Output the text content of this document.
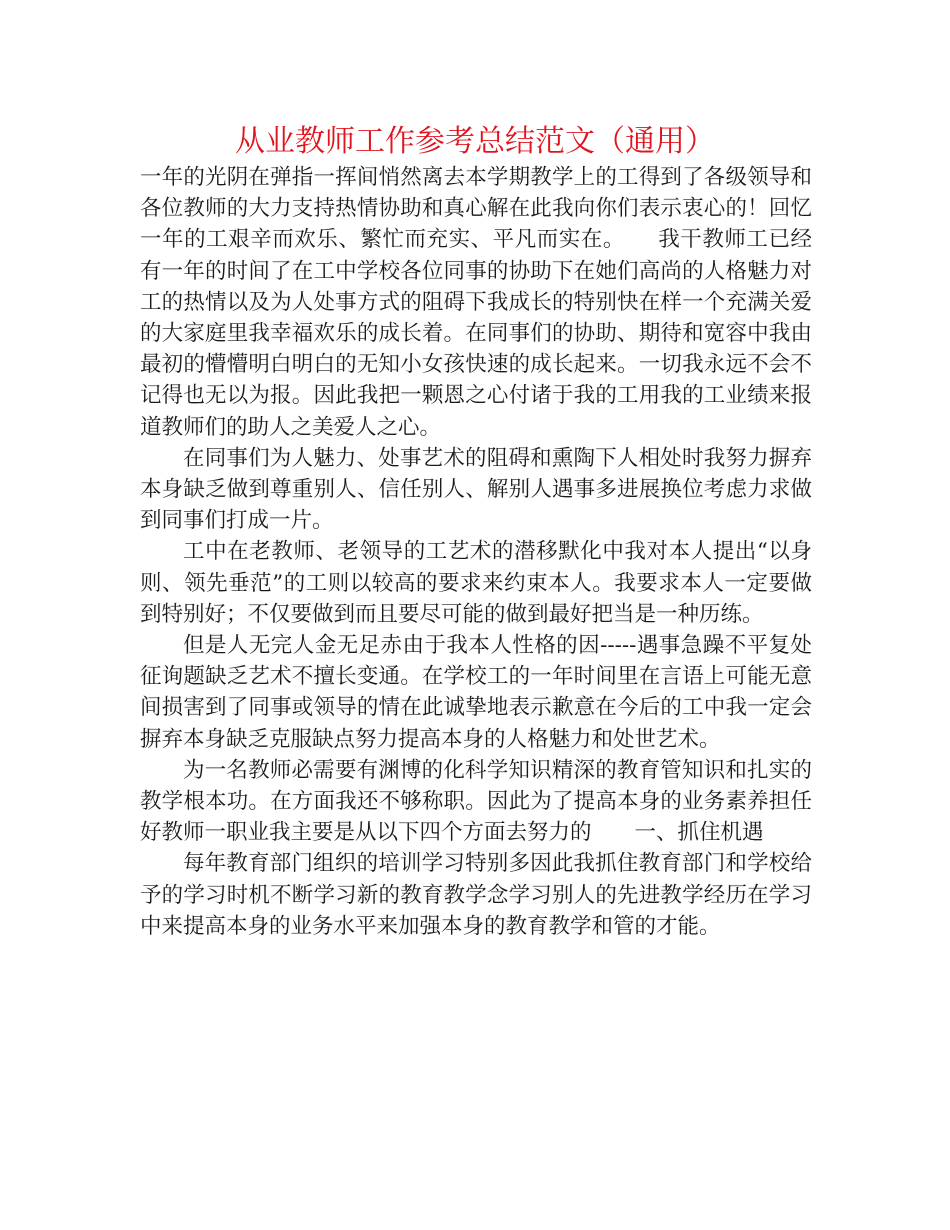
从业教师工作参考总结范文（通用）

一年的光阴在弹指一挥间悄然离去本学期教学上的工得到了各级领导和各位教师的大力支持热情协助和真心解在此我向你们表示衷心的！回忆一年的工艰辛而欢乐、繁忙而充实、平凡而实在。　　我干教师工已经有一年的时间了在工中学校各位同事的协助下在她们高尚的人格魅力对工的热情以及为人处事方式的阻碍下我成长的特别快在样一个充满关爱的大家庭里我幸福欢乐的成长着。在同事们的协助、期待和宽容中我由最初的懵懵明白明白的无知小女孩快速的成长起来。一切我永远不会不记得也无以为报。因此我把一颗恩之心付诸于我的工用我的工业绩来报道教师们的助人之美爱人之心。

在同事们为人魅力、处事艺术的阻碍和熏陶下人相处时我努力摒弃本身缺乏做到尊重别人、信任别人、解别人遇事多进展换位考虑力求做到同事们打成一片。

工中在老教师、老领导的工艺术的潜移默化中我对本人提出“以身则、领先垂范”的工则以较高的要求来约束本人。我要求本人一定要做到特别好；不仅要做到而且要尽可能的做到最好把当是一种历练。

但是人无完人金无足赤由于我本人性格的因-----遇事急躁不平复处征询题缺乏艺术不擅长变通。在学校工的一年时间里在言语上可能无意间损害到了同事或领导的情在此诚挚地表示歉意在今后的工中我一定会摒弃本身缺乏克服缺点努力提高本身的人格魅力和处世艺术。

为一名教师必需要有渊博的化科学知识精深的教育管知识和扎实的教学根本功。在方面我还不够称职。因此为了提高本身的业务素养担任好教师一职业我主要是从以下四个方面去努力的　　一、抓住机遇

每年教育部门组织的培训学习特别多因此我抓住教育部门和学校给予的学习时机不断学习新的教育教学念学习别人的先进教学经历在学习中来提高本身的业务水平来加强本身的教育教学和管的才能。
